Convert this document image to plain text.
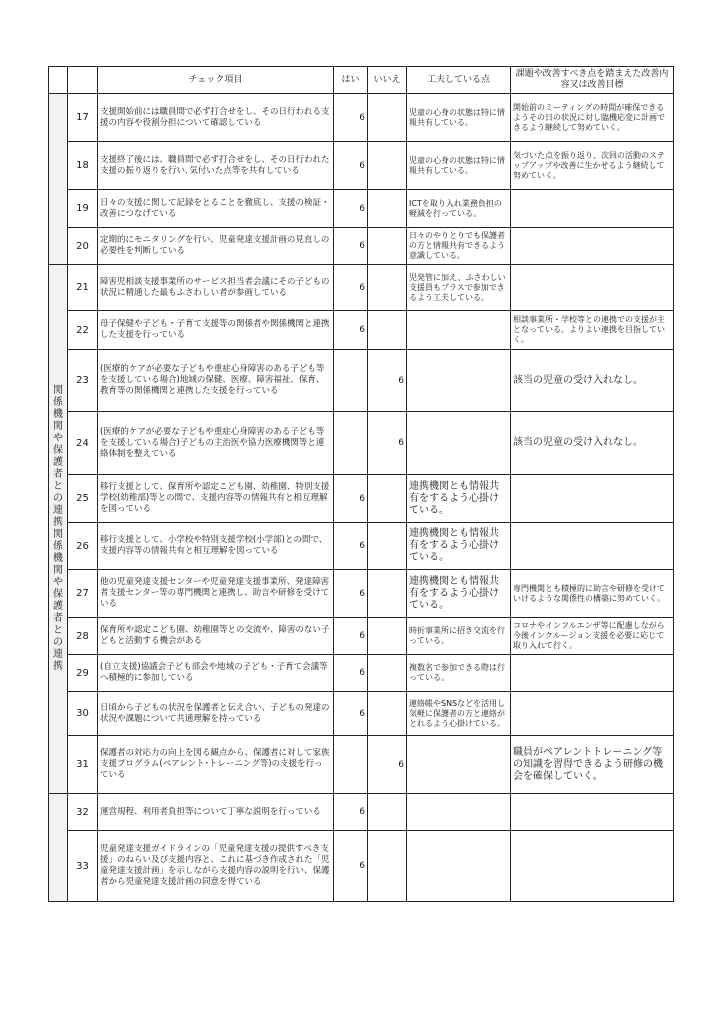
		チェック項目	はい	いいえ	工夫している点	課題や改善すべき点を踏まえた改善内容又は改善目標
	17	支援開始前には職員間で必ず打合せをし、その日行われる支援の内容や役割分担について確認している	6		児童の心身の状態は特に情報共有している。	開始前のミーティングの時間が確保できるようその日の状況に対し臨機応変に計画できるよう継続して努めていく。
	18	支援終了後には、職員間で必ず打合せをし、その日行われた支援の振り返りを行い､気付いた点等を共有している	6		児童の心身の状態は特に情報共有している。	気づいた点を振り返り、次回の活動のステップアップや改善に生かせるよう継続して努めていく。
	19	日々の支援に関して記録をとることを徹底し、支援の検証・改善につなげている	6		ICTを取り入れ業務負担の軽減を行っている。	
	20	定期的にモニタリングを行い、児童発達支援計画の見直しの必要性を判断している	6		日々のやりとりでも保護者の方と情報共有できるよう意識している。	

関係機関や保護者との連携関係機関や保護者との連携	21	障害児相談支援事業所のサービス担当者会議にその子どもの状況に精通した最もふさわしい者が参画している	6		児発管に加え、ふさわしい支援員もプラスで参加できるよう工夫している。	
	22	母子保健や子ども・子育て支援等の関係者や関係機関と連携した支援を行っている	6			相談事業所・学校等との連携での支援が主となっている。よりよい連携を目指していく。
	23	(医療的ケアが必要な子どもや重症心身障害のある子ども等を支援している場合)地域の保健、医療、障害福祉、保育、教育等の関係機関と連携した支援を行っている		6		該当の児童の受け入れなし。
	24	(医療的ケアが必要な子どもや重症心身障害のある子ども等を支援している場合)子どもの主治医や協力医療機関等と連絡体制を整えている		6		該当の児童の受け入れなし。
	25	移行支援として、保育所や認定こども園、幼稚園、特別支援学校(幼稚部)等との間で、支援内容等の情報共有と相互理解を図っている	6		連携機関とも情報共有をするよう心掛けている。	
	26	移行支援として、小学校や特別支援学校(小学部)との間で、支援内容等の情報共有と相互理解を図っている	6		連携機関とも情報共有をするよう心掛けている。	
	27	他の児童発達支援センターや児童発達支援事業所、発達障害者支援センター等の専門機関と連携し、助言や研修を受けている	6		連携機関とも情報共有をするよう心掛けている。	専門機関とも積極的に助言や研修を受けていけるような関係性の構築に努めていく。
	28	保育所や認定こども園、幼稚園等との交流や、障害のない子どもと活動する機会がある	6		時折事業所に招き交流を行っている。	コロナやインフルエンザ等に配慮しながら今後インクルージョン支援を必要に応じて取り入れて行く。
	29	(自立支援)協議会子ども部会や地域の子ども・子育て会議等へ積極的に参加している	6		複数名で参加できる際は行っている。	
	30	日頃から子どもの状況を保護者と伝え合い、子どもの発達の状況や課題について共通理解を持っている	6		連絡帳やSNSなどを活用し気軽に保護者の方と連絡がとれるよう心掛けている。	
	31	保護者の対応力の向上を図る観点から、保護者に対して家族支援プログラム(ペアレント･トレーニング等)の支援を行っている		6		職員がペアレントトレーニング等の知識を習得できるよう研修の機会を確保していく。
	32	運営規程、利用者負担等について丁寧な説明を行っている	6			
	33	児童発達支援ガイドラインの「児童発達支援の提供すべき支援」のねらい及び支援内容と、これに基づき作成された「児童発達支援計画」を示しながら支援内容の説明を行い、保護者から児童発達支援計画の同意を得ている	6			
